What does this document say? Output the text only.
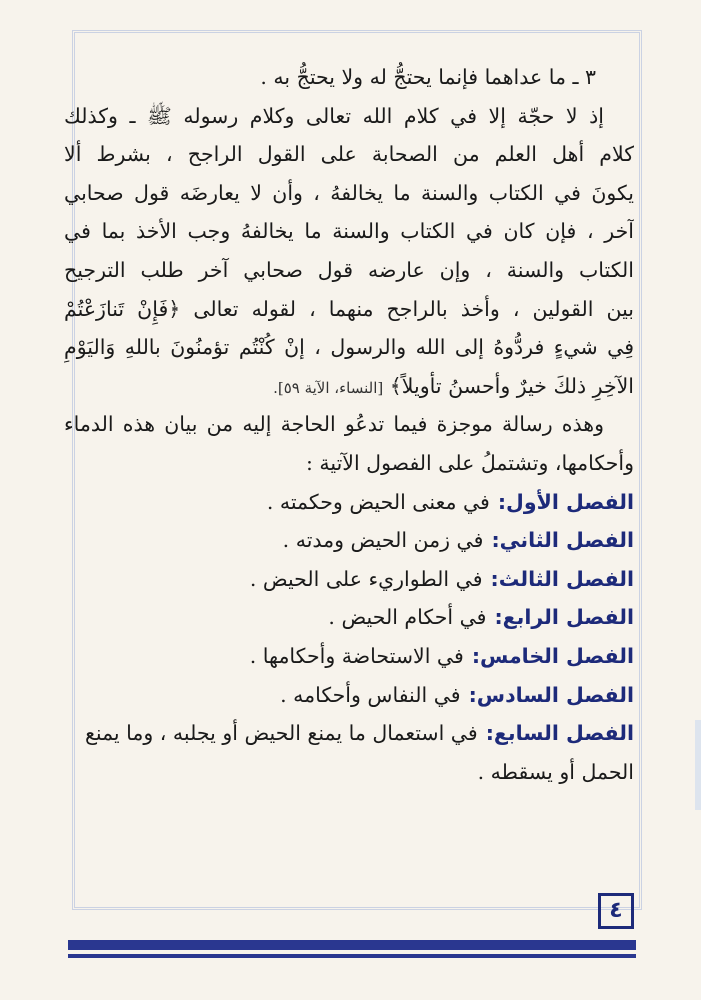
٣ ـ ما عداهما فإنما يحتجُّ له ولا يحتجُّ به .
إذ لا حجّة إلا في كلام الله تعالى وكلام رسوله ﷺ ـ وكذلك
كلام أهل العلم من الصحابة على القول الراجح ، بشرط ألا
يكونَ في الكتاب والسنة ما يخالفهُ ، وأن لا يعارضَه قول صحابي
آخر ، فإن كان في الكتاب والسنة ما يخالفهُ وجب الأخذ بما في
الكتاب والسنة ، وإن عارضه قول صحابي آخر طلب الترجيح
بين القولين ، وأخذ بالراجح منهما ، لقوله تعالى ﴿فَإِنْ تَنازَعْتُمْ
فِي شيءٍ فردُّوهُ إلى الله والرسول ، إنْ كُنْتُم تؤمنُونَ باللهِ وَاليَوْمِ
الآخِرِ ذلكَ خيرٌ وأحسنُ تأويلاً﴾ [النساء، الآية ٥٩].
وهذه رسالة موجزة فيما تدعُو الحاجة إليه من بيان هذه الدماء
وأحكامها، وتشتملُ على الفصول الآتية :
الفصل الأول:في معنى الحيض وحكمته .
الفصل الثاني:في زمن الحيض ومدته .
الفصل الثالث:في الطواريء على الحيض .
الفصل الرابع:في أحكام الحيض .
الفصل الخامس:في الاستحاضة وأحكامها .
الفصل السادس:في النفاس وأحكامه .
الفصل السابع:في استعمال ما يمنع الحيض أو يجلبه ، وما يمنع
الحمل أو يسقطه .
٤
